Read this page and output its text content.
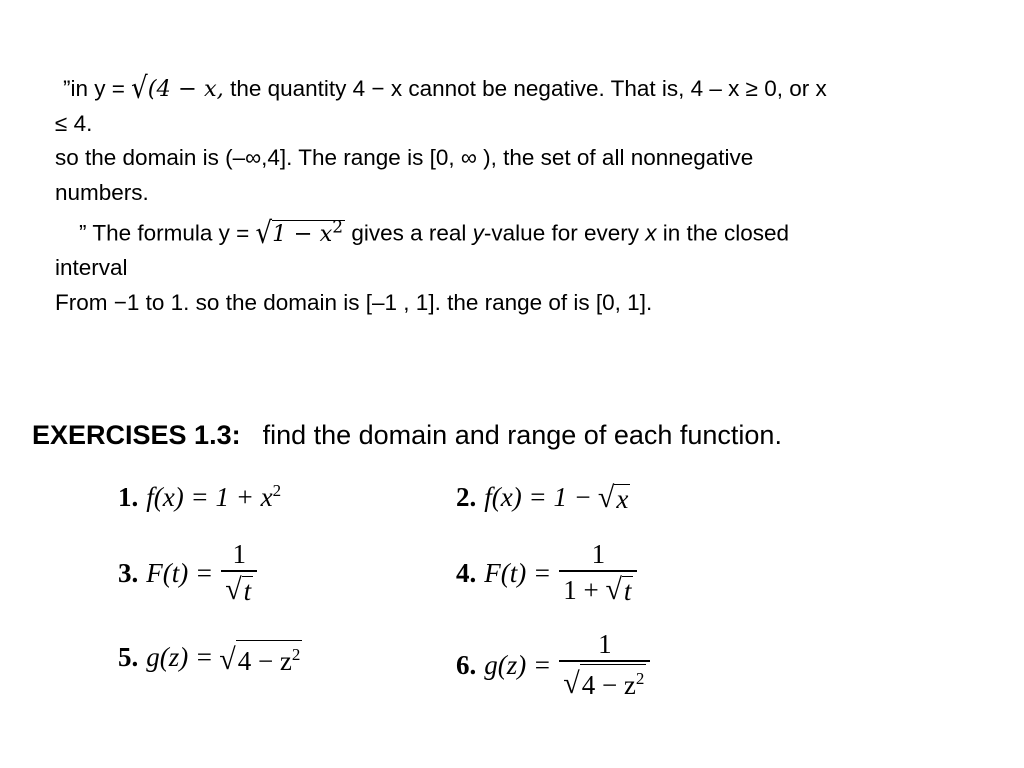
”in y = √(4 − x, the quantity 4 − x cannot be negative. That is, 4 – x ≥ 0, or x
≤ 4.
so the domain is (–∞,4]. The range is [0, ∞ ), the set of all nonnegative
numbers.
” The formula $y = √1 - x^2$ gives a real y-value for every x in the closed
interval
From −1 to 1. so the domain is [–1 , 1]. the range of is [0, 1].
EXERCISES 1.3: find the domain and range of each function.
1. $f(x) = 1 + x^2$	2. f(x) = 1 − √ x
3. $F(t) = \frac{1}{√ t}$	4. $F(t) = \frac{1}{1 + √ t}$
5. g(z) = √ $4 - z^2$	6. $g(z) = \frac{1}{√ 4 - z^2}$
